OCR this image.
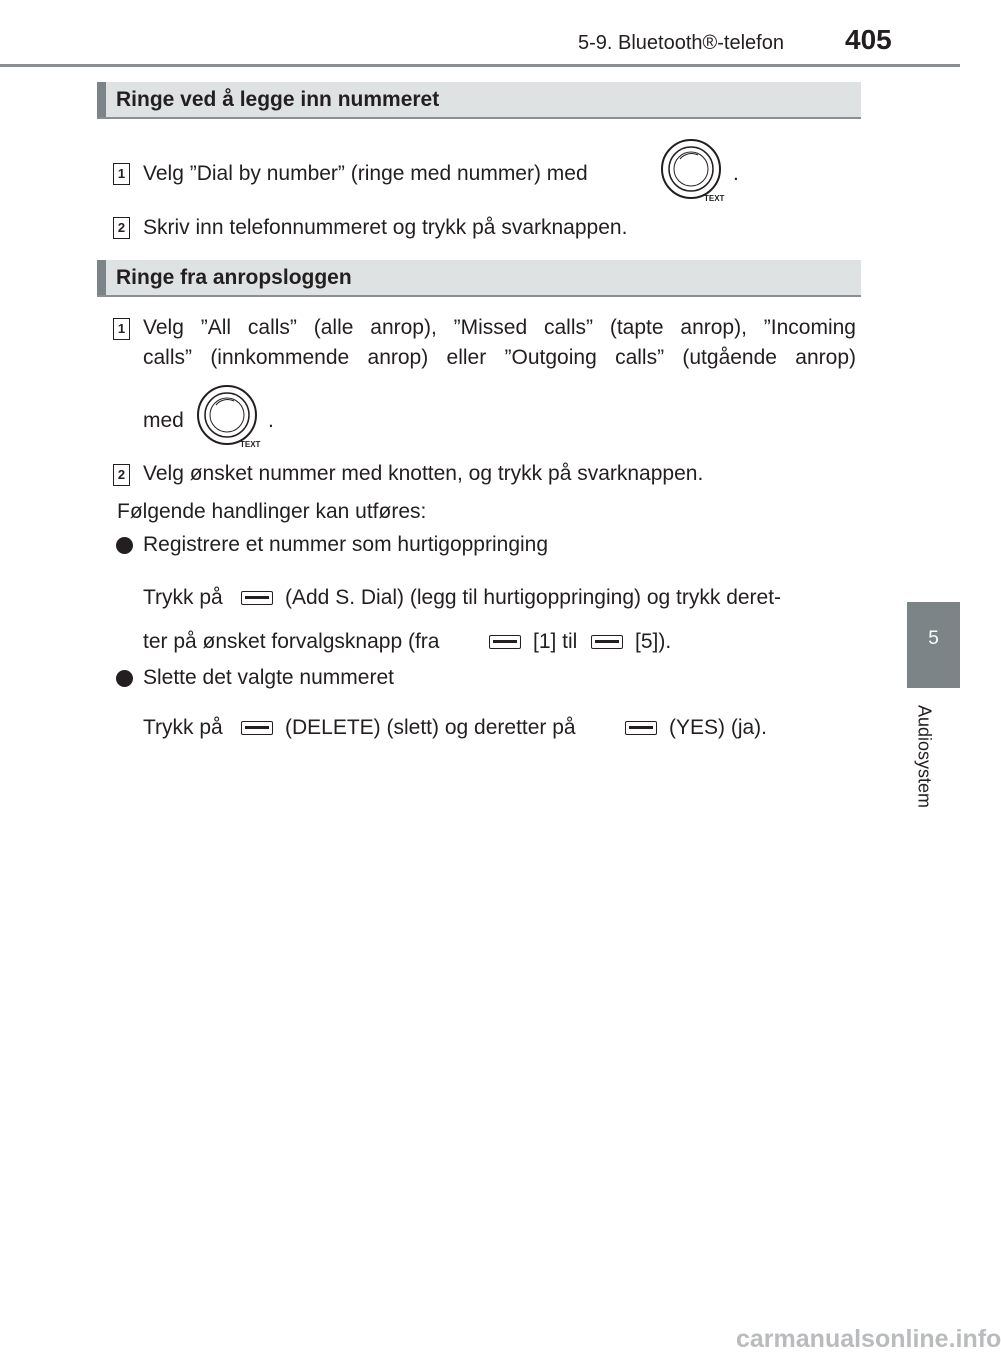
5-9. Bluetooth®-telefon 405
5
Audiosystem
Ringe ved å legge inn nummeret
1 Velg ”Dial by number” (ringe med nummer) med
TEXT
.
2 Skriv inn telefonnummeret og trykk på svarknappen.
Ringe fra anropsloggen
1 Velg ”All calls” (alle anrop), ”Missed calls” (tapte anrop), ”Incoming
calls” (innkommende anrop) eller ”Outgoing calls” (utgående anrop)
med
TEXT
.
2 Velg ønsket nummer med knotten, og trykk på svarknappen.
Følgende handlinger kan utføres:
Registrere et nummer som hurtigoppringing
Trykk på	(Add S. Dial) (legg til hurtigoppringing) og trykk deret-
ter på ønsket forvalgsknapp (fra	[1] til	[5]).
Slette det valgte nummeret
Trykk på	(DELETE) (slett) og deretter på	(YES) (ja).
carmanualsonline.info
